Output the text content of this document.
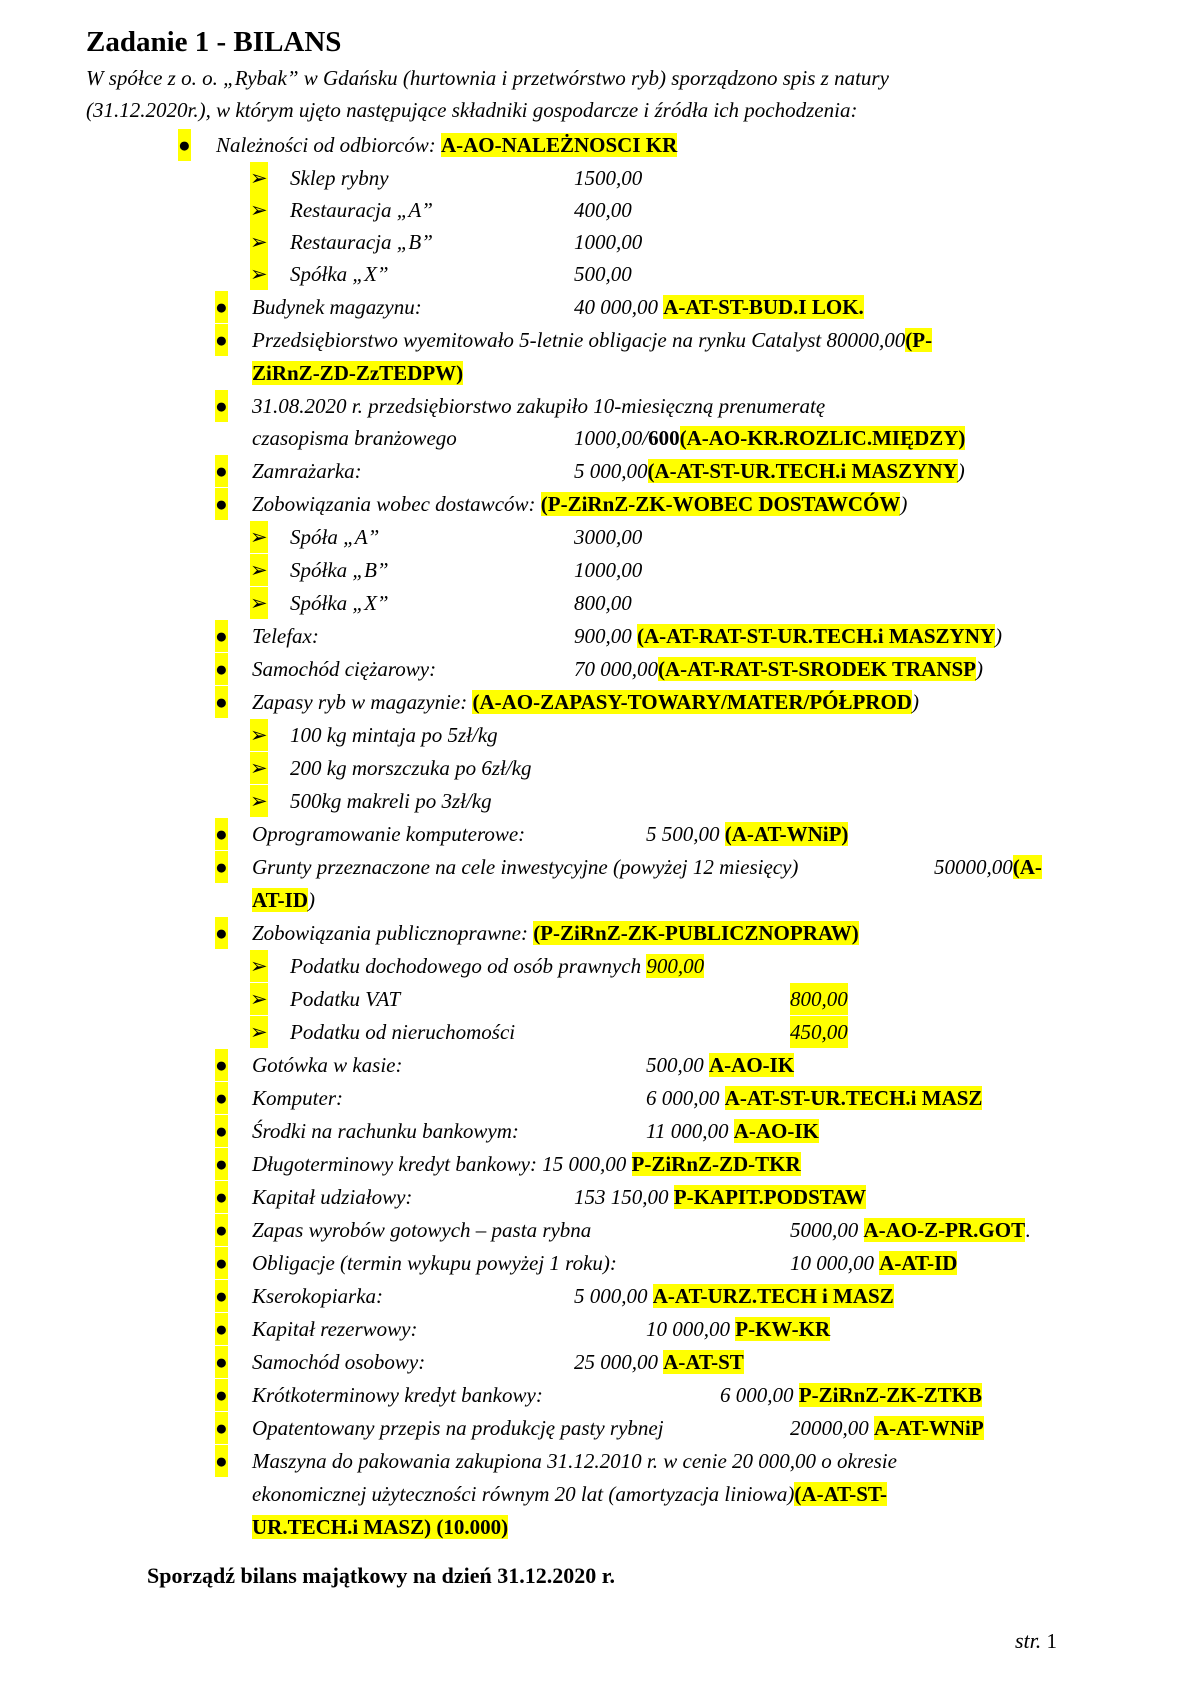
Zadanie 1 - BILANS
W spółce z o. o. „Rybak” w Gdańsku (hurtownia i przetwórstwo ryb) sporządzono spis z natury
(31.12.2020r.), w którym ujęto następujące składniki gospodarcze i źródła ich pochodzenia:
● Należności od odbiorców: A-AO-NALEŻNOSCI KR
➢ Sklep rybny	1500,00
➢ Restauracja „A”	400,00
➢ Restauracja „B”	1000,00
➢ Spółka „X”	500,00
● Budynek magazynu:	40 000,00 A-AT-ST-BUD.I LOK.
● Przedsiębiorstwo wyemitowało 5-letnie obligacje na rynku Catalyst 80000,00(P-
ZiRnZ-ZD-ZzTEDPW)
● 31.08.2020 r. przedsiębiorstwo zakupiło 10-miesięczną prenumeratę
czasopisma branżowego	1000,00/600(A-AO-KR.ROZLIC.MIĘDZY)
● Zamrażarka:	5 000,00(A-AT-ST-UR.TECH.i MASZYNY)
● Zobowiązania wobec dostawców: (P-ZiRnZ-ZK-WOBEC DOSTAWCÓW)
➢ Spóła „A”	3000,00
➢ Spółka „B”	1000,00
➢ Spółka „X”	800,00
● Telefax:	900,00 (A-AT-RAT-ST-UR.TECH.i MASZYNY)
● Samochód ciężarowy:	70 000,00(A-AT-RAT-ST-SRODEK TRANSP)
● Zapasy ryb w magazynie: (A-AO-ZAPASY-TOWARY/MATER/PÓŁPROD)
➢ 100 kg mintaja po 5zł/kg
➢ 200 kg morszczuka po 6zł/kg
➢ 500kg makreli po 3zł/kg
● Oprogramowanie komputerowe:	5 500,00 (A-AT-WNiP)
● Grunty przeznaczone na cele inwestycyjne (powyżej 12 miesięcy)	50000,00(A-
AT-ID)
● Zobowiązania publicznoprawne: (P-ZiRnZ-ZK-PUBLICZNOPRAW)
➢ Podatku dochodowego od osób prawnych 900,00
➢ Podatku VAT	800,00
➢ Podatku od nieruchomości	450,00
● Gotówka w kasie:	500,00 A-AO-IK
● Komputer:	6 000,00 A-AT-ST-UR.TECH.i MASZ
● Środki na rachunku bankowym:	11 000,00 A-AO-IK
● Długoterminowy kredyt bankowy: 15 000,00 P-ZiRnZ-ZD-TKR
● Kapitał udziałowy:	153 150,00 P-KAPIT.PODSTAW
● Zapas wyrobów gotowych – pasta rybna	5000,00 A-AO-Z-PR.GOT.
● Obligacje (termin wykupu powyżej 1 roku):	10 000,00 A-AT-ID
● Kserokopiarka:	5 000,00 A-AT-URZ.TECH i MASZ
● Kapitał rezerwowy:	10 000,00 P-KW-KR
● Samochód osobowy:	25 000,00 A-AT-ST
● Krótkoterminowy kredyt bankowy:	6 000,00 P-ZiRnZ-ZK-ZTKB
● Opatentowany przepis na produkcję pasty rybnej	20000,00 A-AT-WNiP
● Maszyna do pakowania zakupiona 31.12.2010 r. w cenie 20 000,00 o okresie
ekonomicznej użyteczności równym 20 lat (amortyzacja liniowa)(A-AT-ST-
UR.TECH.i MASZ) (10.000)
Sporządź bilans majątkowy na dzień 31.12.2020 r.
str. 1
